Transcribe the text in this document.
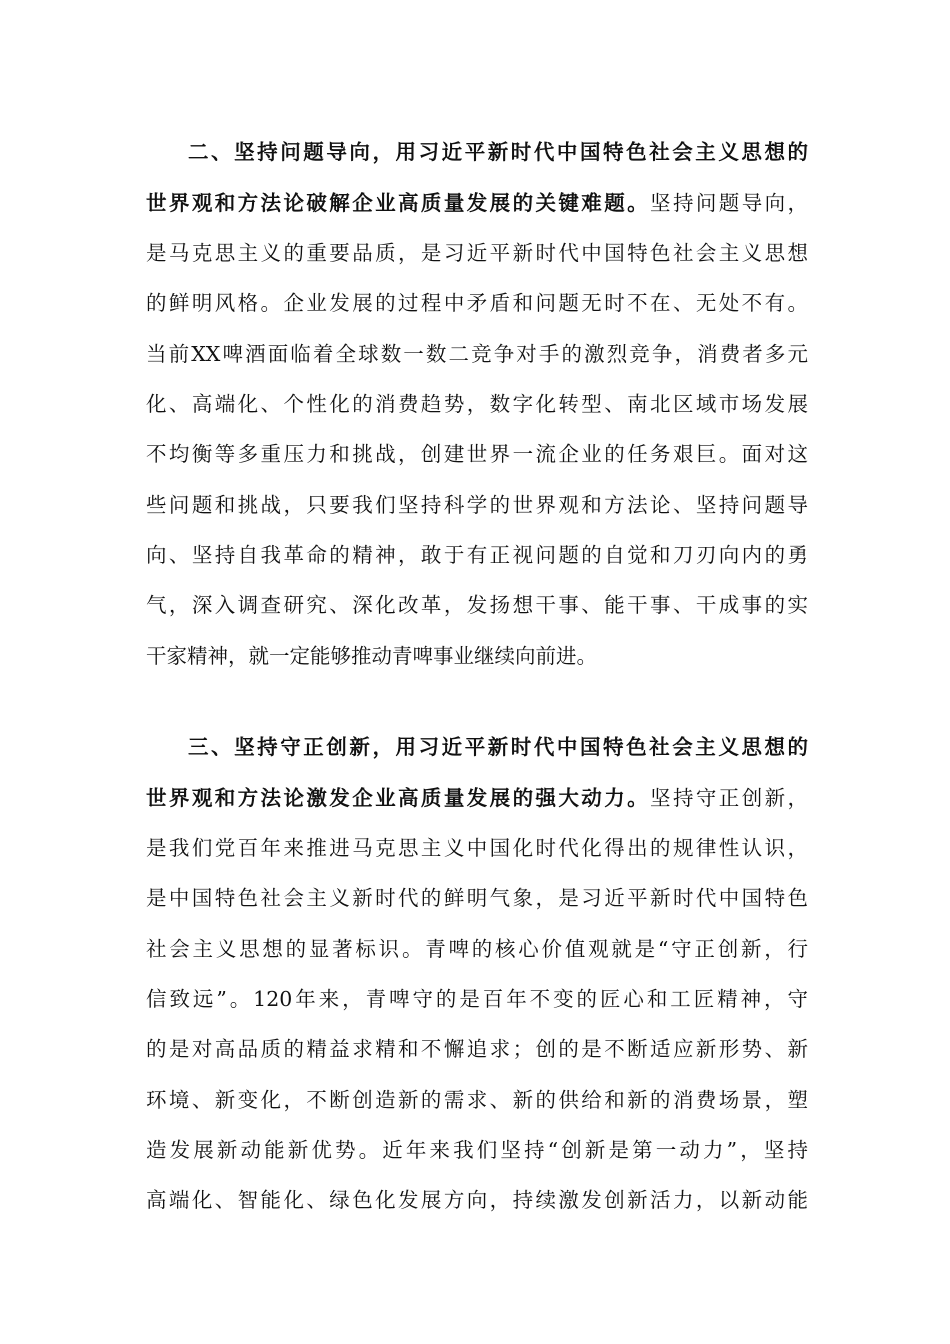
二、坚持问题导向，用习近平新时代中国特色社会主义思想的
世界观和方法论破解企业高质量发展的关键难题。坚持问题导向，
是马克思主义的重要品质，是习近平新时代中国特色社会主义思想
的鲜明风格。企业发展的过程中矛盾和问题无时不在、无处不有。
当前XX啤酒面临着全球数一数二竞争对手的激烈竞争，消费者多元
化、高端化、个性化的消费趋势，数字化转型、南北区域市场发展
不均衡等多重压力和挑战，创建世界一流企业的任务艰巨。面对这
些问题和挑战，只要我们坚持科学的世界观和方法论、坚持问题导
向、坚持自我革命的精神，敢于有正视问题的自觉和刀刃向内的勇
气，深入调查研究、深化改革，发扬想干事、能干事、干成事的实
干家精神，就一定能够推动青啤事业继续向前进。
三、坚持守正创新，用习近平新时代中国特色社会主义思想的
世界观和方法论激发企业高质量发展的强大动力。坚持守正创新，
是我们党百年来推进马克思主义中国化时代化得出的规律性认识，
是中国特色社会主义新时代的鲜明气象，是习近平新时代中国特色
社会主义思想的显著标识。青啤的核心价值观就是“守正创新，行
信致远”。120年来，青啤守的是百年不变的匠心和工匠精神，守
的是对高品质的精益求精和不懈追求；创的是不断适应新形势、新
环境、新变化，不断创造新的需求、新的供给和新的消费场景，塑
造发展新动能新优势。近年来我们坚持“创新是第一动力”，坚持
高端化、智能化、绿色化发展方向，持续激发创新活力，以新动能
